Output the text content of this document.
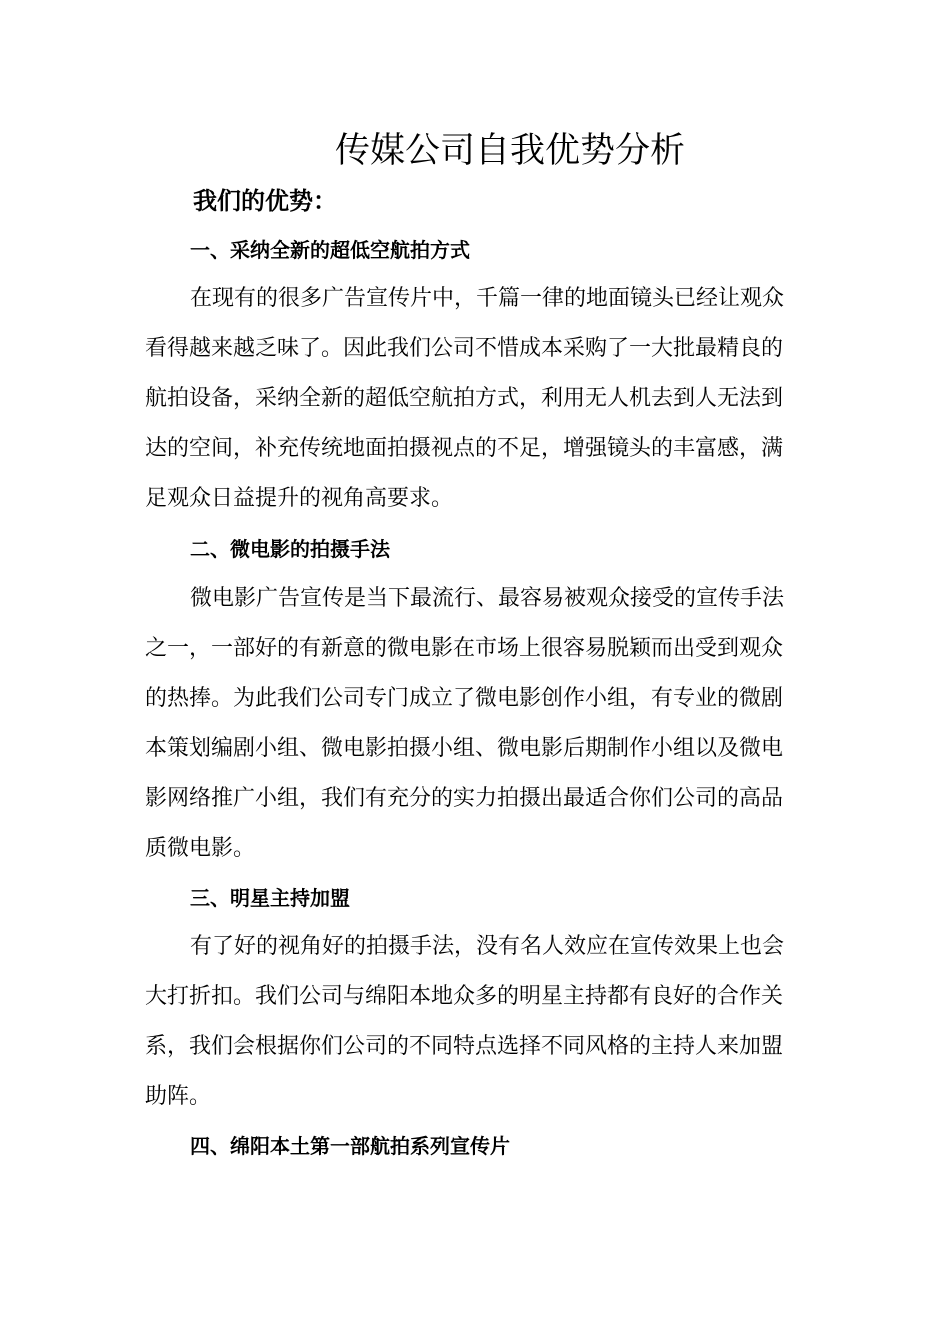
传媒公司自我优势分析
我们的优势：
一、采纳全新的超低空航拍方式

在现有的很多广告宣传片中，千篇一律的地面镜头已经让观众

看得越来越乏味了。因此我们公司不惜成本采购了一大批最精良的

航拍设备，采纳全新的超低空航拍方式，利用无人机去到人无法到

达的空间，补充传统地面拍摄视点的不足，增强镜头的丰富感，满

足观众日益提升的视角高要求。

二、微电影的拍摄手法

微电影广告宣传是当下最流行、最容易被观众接受的宣传手法

之一，一部好的有新意的微电影在市场上很容易脱颖而出受到观众

的热捧。为此我们公司专门成立了微电影创作小组，有专业的微剧

本策划编剧小组、微电影拍摄小组、微电影后期制作小组以及微电

影网络推广小组，我们有充分的实力拍摄出最适合你们公司的高品

质微电影。

三、明星主持加盟

有了好的视角好的拍摄手法，没有名人效应在宣传效果上也会

大打折扣。我们公司与绵阳本地众多的明星主持都有良好的合作关

系，我们会根据你们公司的不同特点选择不同风格的主持人来加盟

助阵。

四、绵阳本土第一部航拍系列宣传片
